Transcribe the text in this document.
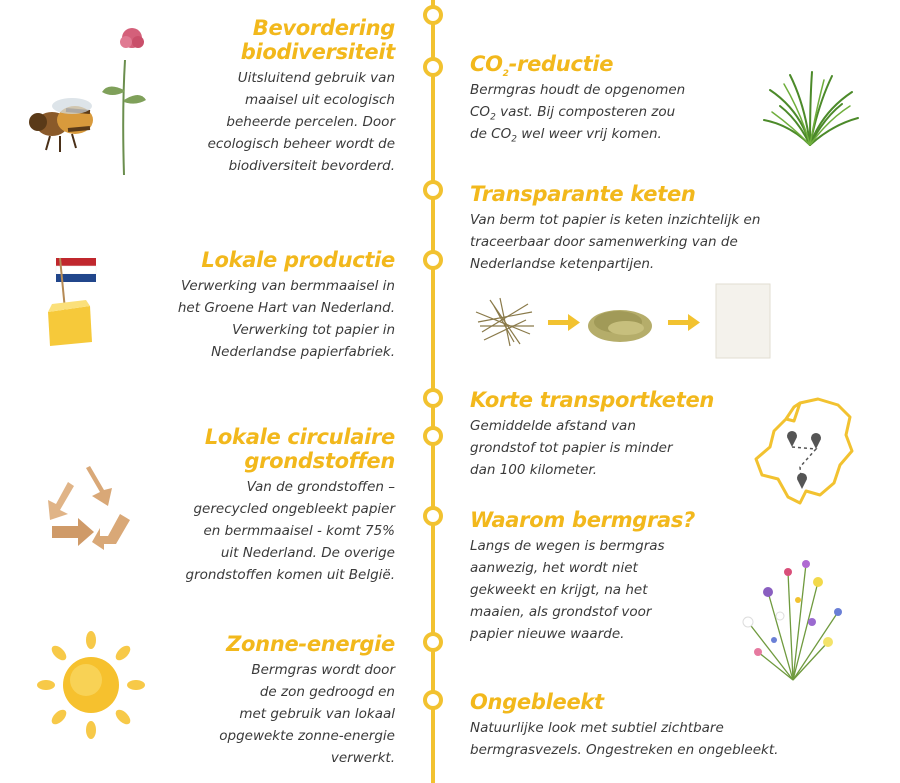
Bevordering
biodiversiteit

Uitsluitend gebruik van
maaisel uit ecologisch
beheerde percelen. Door
ecologisch beheer wordt de
biodiversiteit bevorderd.

Lokale productie

Verwerking van bermmaaisel in
het Groene Hart van Nederland.
Verwerking tot papier in
Nederlandse papierfabriek.

Lokale circulaire
grondstoffen

Van de grondstoffen –
gerecycled ongebleekt papier
en bermmaaisel - komt 75%
uit Nederland. De overige
grondstoffen komen uit België.

Zonne-energie

Bermgras wordt door
de zon gedroogd en
met gebruik van lokaal
opgewekte zonne-energie
verwerkt.

$CO_2$-reductie

Bermgras houdt de opgenomen
$CO_2$ vast. Bij composteren zou
de $CO_2$ wel weer vrij komen.

Transparante keten

Van berm tot papier is keten inzichtelijk en
traceerbaar door samenwerking van de
Nederlandse ketenpartijen.

Korte transportketen

Gemiddelde afstand van
grondstof tot papier is minder
dan 100 kilometer.

Waarom bermgras?

Langs de wegen is bermgras
aanwezig, het wordt niet
gekweekt en krijgt, na het
maaien, als grondstof voor
papier nieuwe waarde.

Ongebleekt

Natuurlijke look met subtiel zichtbare
bermgrasvezels. Ongestreken en ongebleekt.
